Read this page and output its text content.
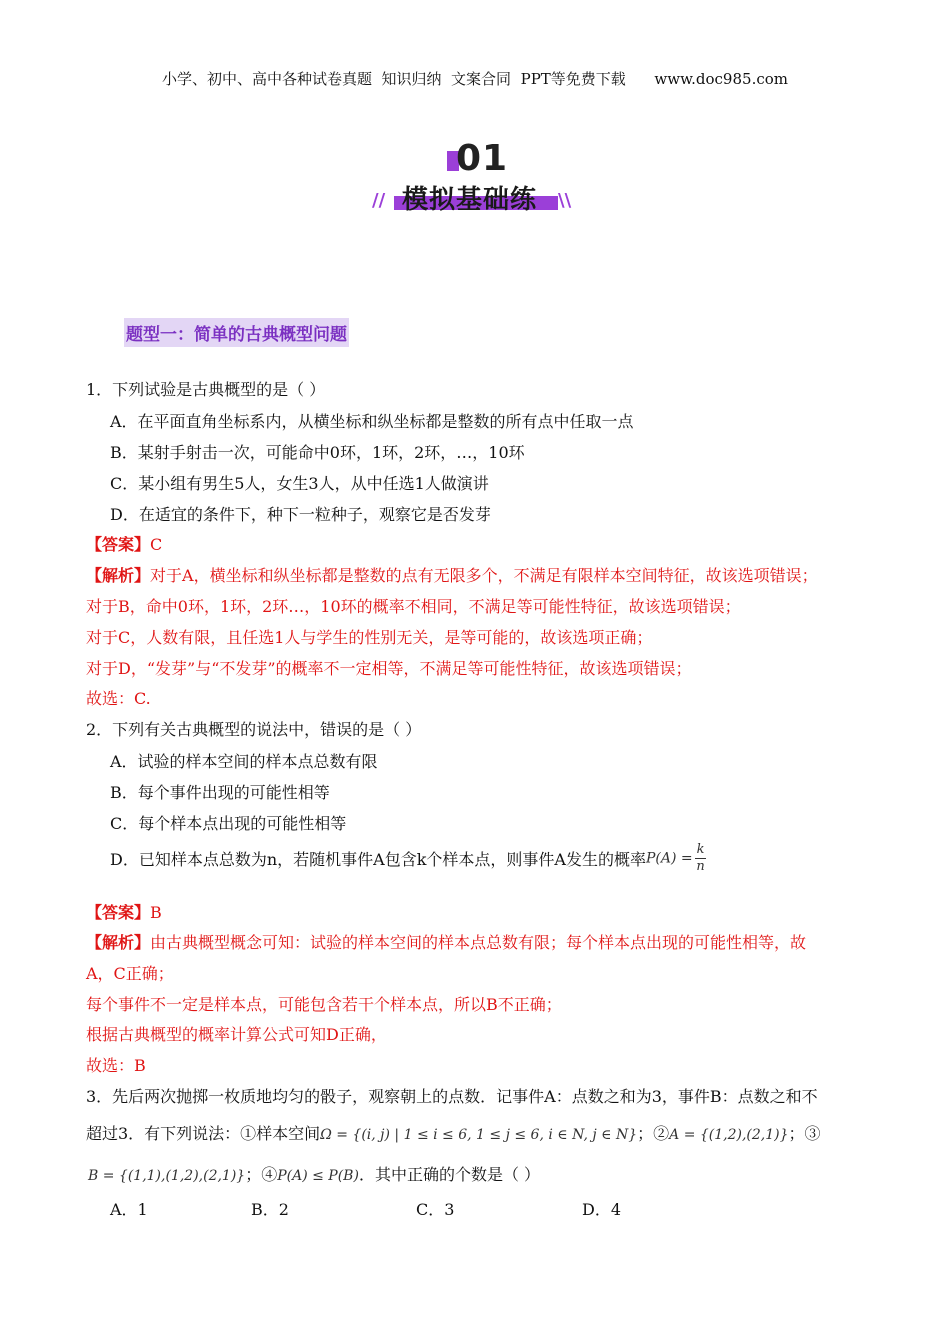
小学、初中、高中各种试卷真题  知识归纳  文案合同  PPT等免费下载      www.doc985.com
01
// 模拟基础练 \\
题型一：简单的古典概型问题
1．下列试验是古典概型的是（ ）
A．在平面直角坐标系内，从横坐标和纵坐标都是整数的所有点中任取一点
B．某射手射击一次，可能命中0环，1环，2环，…，10环
C．某小组有男生5人，女生3人，从中任选1人做演讲
D．在适宜的条件下，种下一粒种子，观察它是否发芽
【答案】C
【解析】对于A，横坐标和纵坐标都是整数的点有无限多个，不满足有限样本空间特征，故该选项错误；
对于B，命中0环，1环，2环…，10环的概率不相同，不满足等可能性特征，故该选项错误；
对于C，人数有限，且任选1人与学生的性别无关，是等可能的，故该选项正确；
对于D，“发芽”与“不发芽”的概率不一定相等，不满足等可能性特征，故该选项错误；
故选：C.
2．下列有关古典概型的说法中，错误的是（ ）
A．试验的样本空间的样本点总数有限
B．每个事件出现的可能性相等
C．每个样本点出现的可能性相等
D．已知样本点总数为n，若随机事件A包含k个样本点，则事件A发生的概率$P(A) = \frac{k}{n}$
【答案】B
【解析】由古典概型概念可知：试验的样本空间的样本点总数有限；每个样本点出现的可能性相等，故
A，C正确；
每个事件不一定是样本点，可能包含若干个样本点，所以B不正确；
根据古典概型的概率计算公式可知D正确，
故选：B
3．先后两次抛掷一枚质地均匀的骰子，观察朝上的点数．记事件A：点数之和为3，事件B：点数之和不
超过3．有下列说法：①样本空间Ω = {(i, j) | 1 ≤ i ≤ 6, 1 ≤ j ≤ 6, i ∈ N, j ∈ N}；②A = {(1,2),(2,1)}；③
B = {(1,1),(1,2),(2,1)}；④P(A) ≤ P(B)．其中正确的个数是（ ）
A．1	B．2	C．3	D．4
